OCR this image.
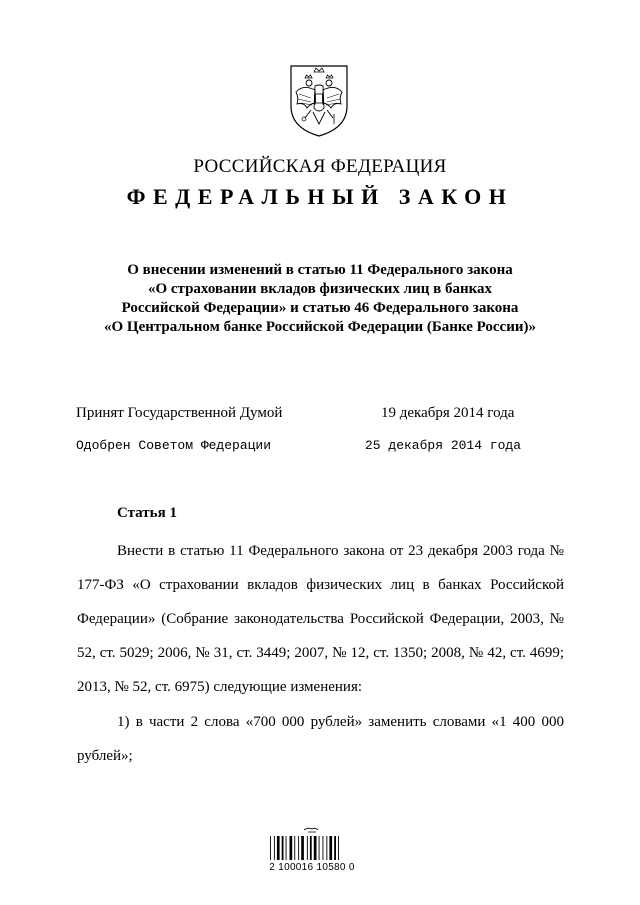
РОССИЙСКАЯ ФЕДЕРАЦИЯ
ФЕДЕРАЛЬНЫЙ ЗАКОН
О внесении изменений в статью 11 Федерального закона
«О страховании вкладов физических лиц в банках
Российской Федерации» и статью 46 Федерального закона
«О Центральном банке Российской Федерации (Банке России)»
Принят Государственной Думой	19 декабря 2014 года
Одобрен Советом Федерации	25 декабря 2014 года
Статья 1
Внести в статью 11 Федерального закона от 23 декабря 2003 года № 177-ФЗ «О страховании вкладов физических лиц в банках Российской Федерации» (Собрание законодательства Российской Федерации, 2003, № 52, ст. 5029; 2006, № 31, ст. 3449; 2007, № 12, ст. 1350; 2008, № 42, ст. 4699; 2013, № 52, ст. 6975) следующие изменения:
1) в части 2 слова «700 000 рублей» заменить словами «1 400 000 рублей»;
2 100016 10580 0
